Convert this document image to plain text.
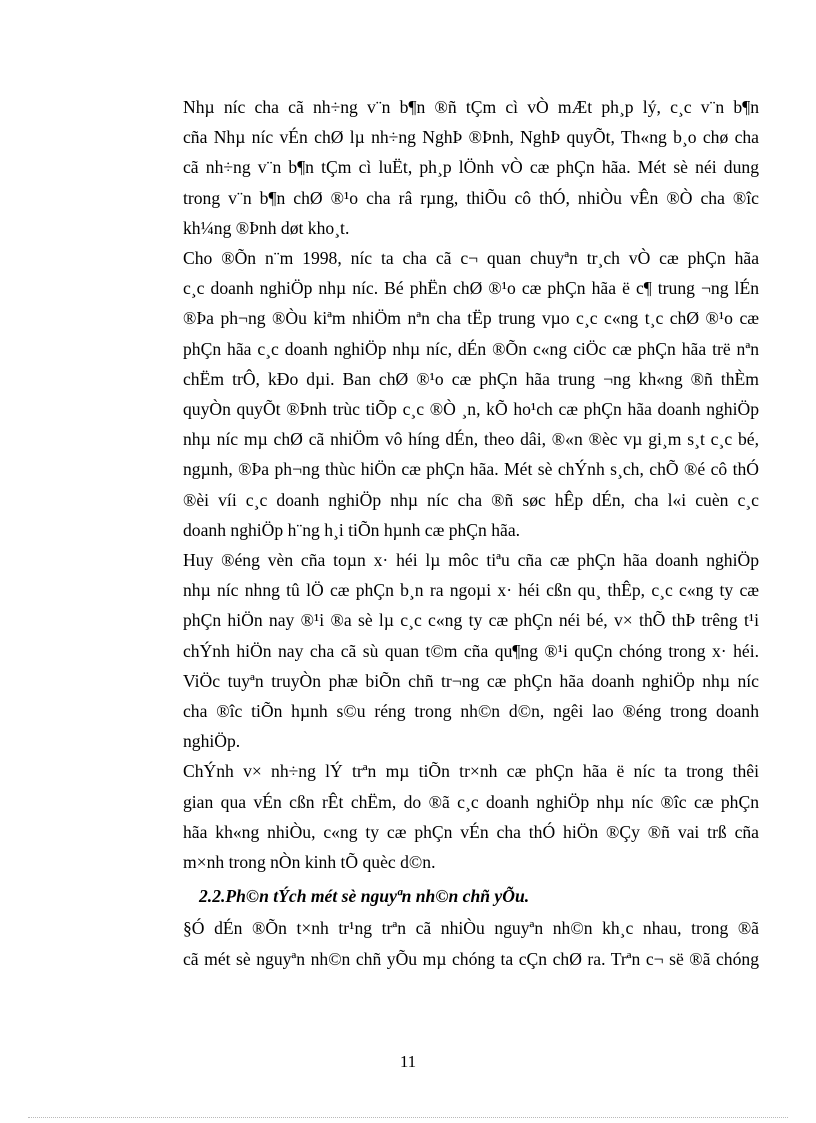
Nhµ níc cha cã nh÷ng v¨n b¶n ®ñ tÇm cì vÒ mÆt ph¸p lý, c¸c v¨n b¶n
cña Nhµ níc vÉn chØ lµ nh÷ng NghÞ ®Þnh, NghÞ quyÕt, Th«ng b¸o chø cha
cã nh÷ng v¨n b¶n tÇm cì luËt, ph¸p lÖnh vÒ cæ phÇn hãa. Mét sè néi dung
trong v¨n b¶n chØ ®¹o cha râ rµng, thiÕu cô thÓ, nhiÒu vÊn ®Ò cha ®îc
kh¼ng ®Þnh døt kho¸t.

Cho ®Õn n¨m 1998, níc ta cha cã c¬ quan chuyªn tr¸ch vÒ cæ phÇn hãa
c¸c doanh nghiÖp nhµ níc. Bé phËn chØ ®¹o cæ phÇn hãa ë c¶ trung ¬ng lÉn
®Þa ph¬ng ®Òu kiªm nhiÖm nªn cha tËp trung vµo c¸c c«ng t¸c chØ ®¹o cæ
phÇn hãa c¸c doanh nghiÖp nhµ níc, dÉn ®Õn c«ng ciÖc cæ phÇn hãa trë nªn
chËm trÔ, kÐo dµi. Ban chØ ®¹o cæ phÇn hãa trung ¬ng kh«ng ®ñ thÈm
quyÒn quyÕt ®Þnh trùc tiÕp c¸c ®Ò ¸n, kÕ ho¹ch cæ phÇn hãa doanh nghiÖp
nhµ níc mµ chØ cã nhiÖm vô híng dÉn, theo dâi, ®«n ®èc vµ gi¸m s¸t c¸c bé,
ngµnh, ®Þa ph¬ng thùc hiÖn cæ phÇn hãa. Mét sè chÝnh s¸ch, chÕ ®é cô thÓ
®èi víi c¸c doanh nghiÖp nhµ níc cha ®ñ søc hÊp dÉn, cha l«i cuèn c¸c
doanh nghiÖp h¨ng h¸i tiÕn hµnh cæ phÇn hãa.

Huy ®éng vèn cña toµn x· héi lµ môc tiªu cña cæ phÇn hãa doanh nghiÖp
nhµ níc nhng tû lÖ cæ phÇn b¸n ra ngoµi x· héi cßn qu¸ thÊp, c¸c c«ng ty cæ
phÇn hiÖn nay ®¹i ®a sè lµ c¸c c«ng ty cæ phÇn néi bé, v× thÕ thÞ trêng t¹i
chÝnh hiÖn nay cha cã sù quan t©m cña qu¶ng ®¹i quÇn chóng trong x· héi.
ViÖc tuyªn truyÒn phæ biÕn chñ tr¬ng cæ phÇn hãa doanh nghiÖp nhµ níc
cha ®îc tiÕn hµnh s©u réng trong nh©n d©n, ngêi lao ®éng trong doanh
nghiÖp.

ChÝnh v× nh÷ng lÝ trªn mµ tiÕn tr×nh cæ phÇn hãa ë níc ta trong thêi
gian qua vÉn cßn rÊt chËm, do ®ã c¸c doanh nghiÖp nhµ níc ®îc cæ phÇn
hãa kh«ng nhiÒu, c«ng ty cæ phÇn vÉn cha thÓ hiÖn ®Çy ®ñ vai trß cña
m×nh trong nÒn kinh tÕ quèc d©n.

2.2.Ph©n tÝch mét sè nguyªn nh©n chñ yÕu.

§Ó dÉn ®Õn t×nh tr¹ng trªn cã nhiÒu nguyªn nh©n kh¸c nhau, trong ®ã
cã mét sè nguyªn nh©n chñ yÕu mµ chóng ta cÇn chØ ra. Trªn c¬ së ®ã chóng

11
